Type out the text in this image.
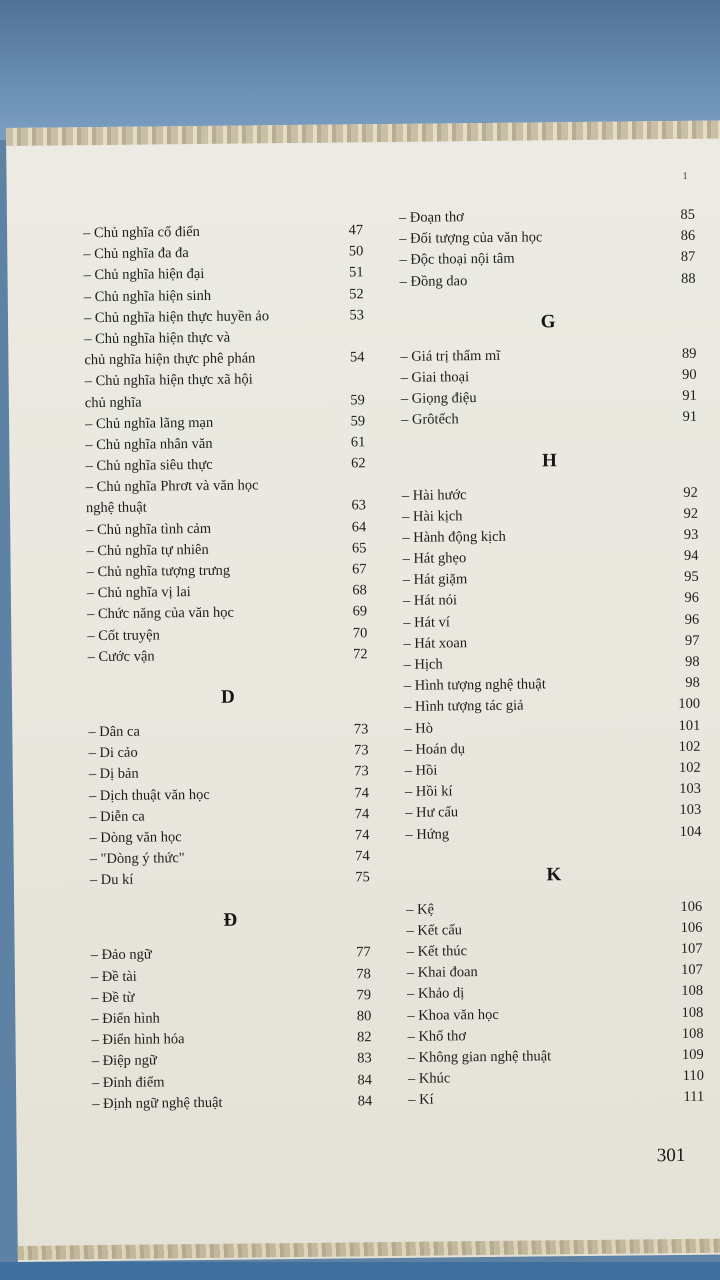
1
– Chủ nghĩa cổ điển	47
– Chủ nghĩa đa đa	50
– Chủ nghĩa hiện đại	51
– Chủ nghĩa hiện sinh	52
– Chủ nghĩa hiện thực huyền ảo	53
– Chủ nghĩa hiện thực và
chủ nghĩa hiện thực phê phán	54
– Chủ nghĩa hiện thực xã hội
chủ nghĩa	59
– Chủ nghĩa lãng mạn	59
– Chủ nghĩa nhân văn	61
– Chủ nghĩa siêu thực	62
– Chủ nghĩa Phrơt và văn học
nghệ thuật	63
– Chủ nghĩa tình cảm	64
– Chủ nghĩa tự nhiên	65
– Chủ nghĩa tượng trưng	67
– Chủ nghĩa vị lai	68
– Chức năng của văn học	69
– Cốt truyện	70
– Cước vận	72
D
– Dân ca	73
– Di cảo	73
– Dị bản	73
– Dịch thuật văn học	74
– Diễn ca	74
– Dòng văn học	74
– "Dòng ý thức"	74
– Du kí	75
Đ
– Đảo ngữ	77
– Đề tài	78
– Đề từ	79
– Điển hình	80
– Điển hình hóa	82
– Điệp ngữ	83
– Đỉnh điểm	84
– Định ngữ nghệ thuật	84
– Đoạn thơ	85
– Đối tượng của văn học	86
– Độc thoại nội tâm	87
– Đồng dao	88
G
– Giá trị thẩm mĩ	89
– Giai thoại	90
– Giọng điệu	91
– Grôtếch	91
H
– Hài hước	92
– Hài kịch	92
– Hành động kịch	93
– Hát ghẹo	94
– Hát giặm	95
– Hát nói	96
– Hát ví	96
– Hát xoan	97
– Hịch	98
– Hình tượng nghệ thuật	98
– Hình tượng tác giả	100
– Hò	101
– Hoán dụ	102
– Hồi	102
– Hồi kí	103
– Hư cấu	103
– Hứng	104
K
– Kệ	106
– Kết cấu	106
– Kết thúc	107
– Khai đoan	107
– Khảo dị	108
– Khoa văn học	108
– Khổ thơ	108
– Không gian nghệ thuật	109
– Khúc	110
– Kí	111
301
